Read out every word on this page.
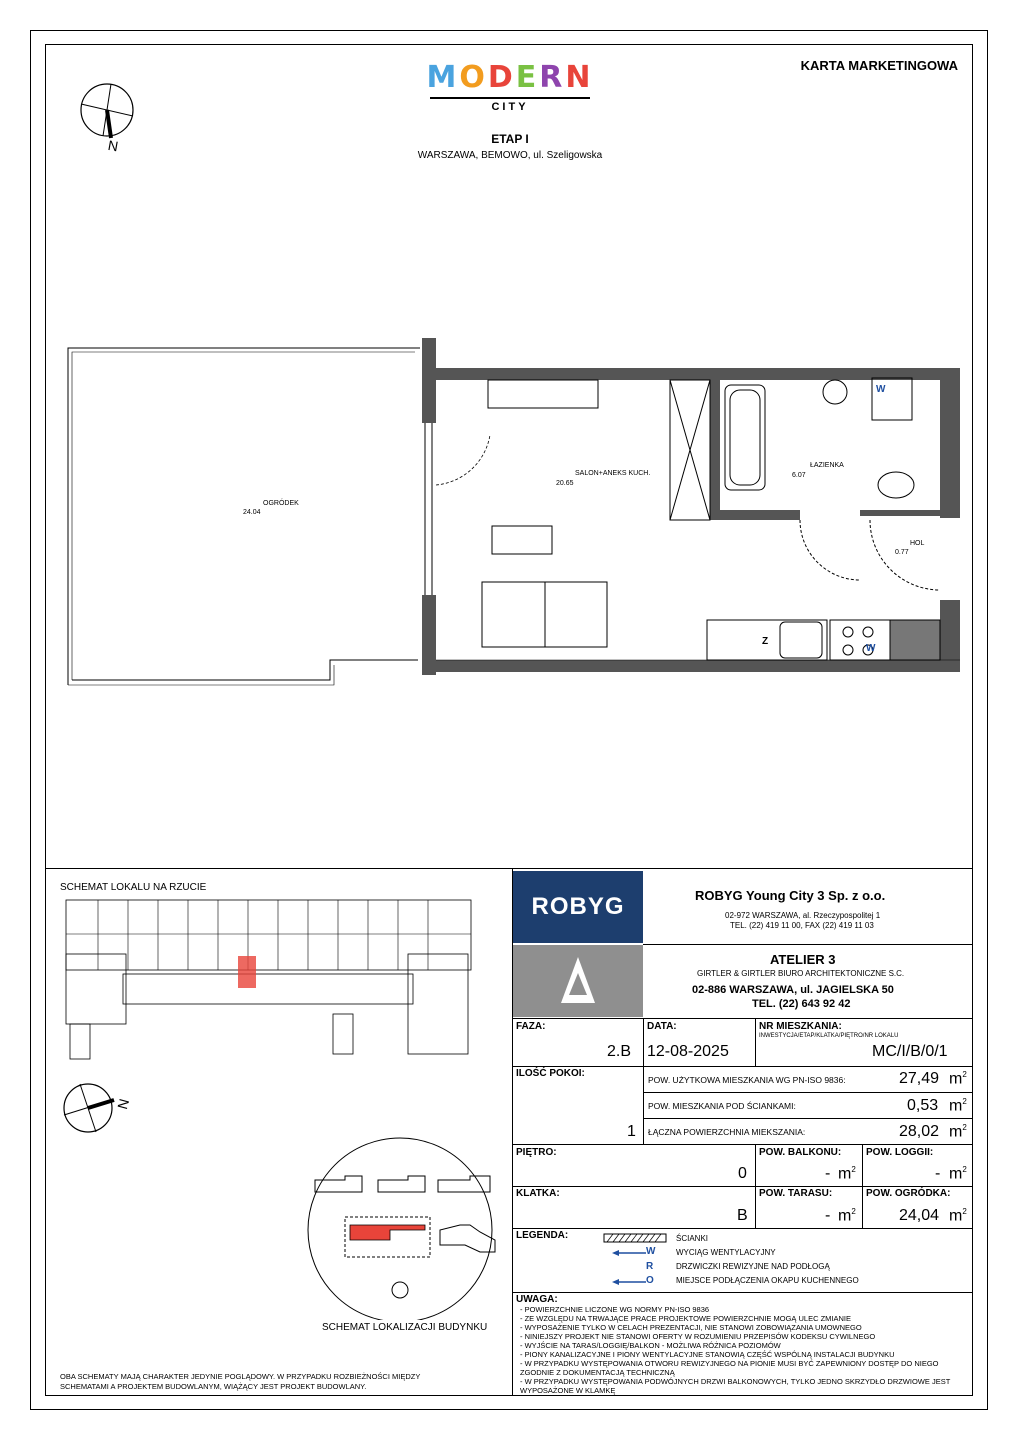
KARTA MARKETINGOWA
MODERN
CITY
ETAP I
WARSZAWA, BEMOWO, ul. Szeligowska
N
OGRÓDEK
24.04
SALON+ANEKS KUCH.
20.65
ŁAZIENKA
6.07
HOL
0.77
W
W
Z
SCHEMAT LOKALU NA RZUCIE
N
SCHEMAT LOKALIZACJI BUDYNKU
OBA SCHEMATY MAJĄ CHARAKTER JEDYNIE POGLĄDOWY. W PRZYPADKU ROZBIEŻNOŚCI MIĘDZY
SCHEMATAMI A PROJEKTEM BUDOWLANYM, WIĄŻĄCY JEST PROJEKT BUDOWLANY.
ROBYG	ROBYG Young City 3 Sp. z o.o.
02-972 WARSZAWA, al. Rzeczypospolitej 1
TEL. (22) 419 11 00, FAX (22) 419 11 03
ATELIER 3
GIRTLER & GIRTLER BIURO ARCHITEKTONICZNE S.C.
02-886 WARSZAWA, ul. JAGIELSKA 50
TEL. (22) 643 92 42
FAZA:
2.B
DATA:
12-08-2025
NR MIESZKANIA:
INWESTYCJA/ETAP/KLATKA/PIĘTRO/NR LOKALU
MC/I/B/0/1
ILOŚĆ POKOI:
1
POW. UŻYTKOWA MIESZKANIA WG PN-ISO 9836:	27,49 $m^2$
POW. MIESZKANIA POD ŚCIANKAMI:	0,53 $m^2$
ŁĄCZNA POWIERZCHNIA MIEKSZANIA:	28,02 $m^2$
PIĘTRO:
0
POW. BALKONU:
- $m^2$
POW. LOGGII:
- $m^2$
KLATKA:
B
POW. TARASU:
- $m^2$
POW. OGRÓDKA:
24,04 $m^2$
LEGENDA:	ŚCIANKI
W	WYCIĄG WENTYLACYJNY
R	DRZWICZKI REWIZYJNE NAD PODŁOGĄ
O	MIEJSCE PODŁĄCZENIA OKAPU KUCHENNEGO
UWAGA:
- POWIERZCHNIE LICZONE WG NORMY PN-ISO 9836
- ZE WZGLĘDU NA TRWAJĄCE PRACE PROJEKTOWE POWIERZCHNIE MOGĄ ULEC ZMIANIE
- WYPOSAŻENIE TYLKO W CELACH PREZENTACJI, NIE STANOWI ZOBOWIĄZANIA UMOWNEGO
- NINIEJSZY PROJEKT NIE STANOWI OFERTY W ROZUMIENIU PRZEPISÓW KODEKSU CYWILNEGO
- WYJŚCIE NA TARAS/LOGGIĘ/BALKON - MOŻLIWA RÓŻNICA POZIOMÓW
- PIONY KANALIZACYJNE I PIONY WENTYLACYJNE STANOWIĄ CZĘŚĆ WSPÓLNĄ INSTALACJI BUDYNKU
- W PRZYPADKU WYSTĘPOWANIA OTWORU REWIZYJNEGO NA PIONIE MUSI BYĆ ZAPEWNIONY DOSTĘP DO NIEGO
ZGODNIE Z DOKUMENTACJĄ TECHNICZNĄ
- W PRZYPADKU WYSTĘPOWANIA PODWÓJNYCH DRZWI BALKONOWYCH, TYLKO JEDNO SKRZYDŁO DRZWIOWE JEST
WYPOSAŻONE W KLAMKĘ
